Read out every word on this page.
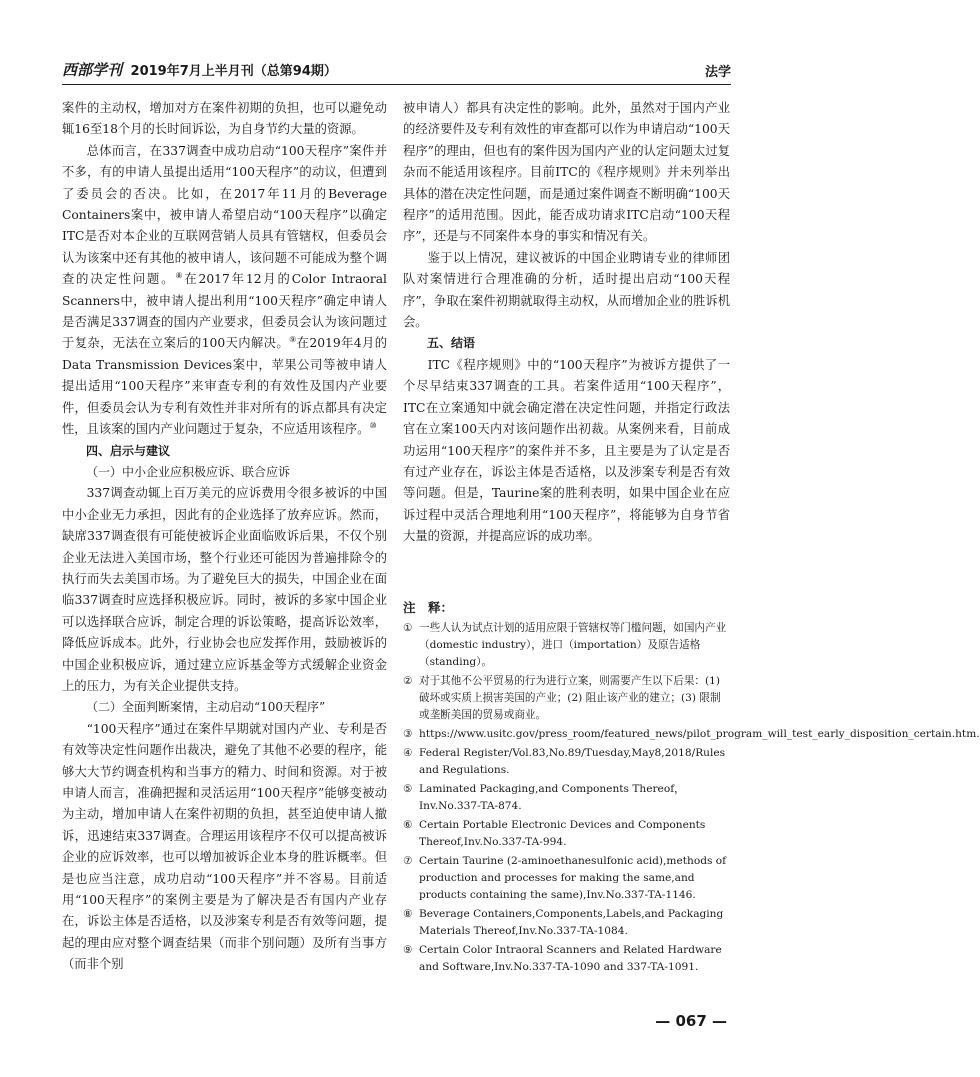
西部学刊 2019年7月上半月刊（总第94期）	法学

案件的主动权，增加对方在案件初期的负担，也可以避免动辄16至18个月的长时间诉讼，为自身节约大量的资源。

总体而言，在337调查中成功启动“100天程序”案件并不多，有的申请人虽提出适用“100天程序”的动议，但遭到了委员会的否决。比如，在2017年11月的Beverage Containers案中，被申请人希望启动“100天程序”以确定ITC是否对本企业的互联网营销人员具有管辖权，但委员会认为该案中还有其他的被申请人，该问题不可能成为整个调查的决定性问题。⑧在2017年12月的Color Intraoral Scanners中，被申请人提出利用“100天程序”确定申请人是否满足337调查的国内产业要求，但委员会认为该问题过于复杂，无法在立案后的100天内解决。⑨在2019年4月的Data Transmission Devices案中，苹果公司等被申请人提出适用“100天程序”来审查专利的有效性及国内产业要件，但委员会认为专利有效性并非对所有的诉点都具有决定性，且该案的国内产业问题过于复杂，不应适用该程序。⑩

四、启示与建议

（一）中小企业应积极应诉、联合应诉

337调查动辄上百万美元的应诉费用令很多被诉的中国中小企业无力承担，因此有的企业选择了放弃应诉。然而，缺席337调查很有可能使被诉企业面临败诉后果，不仅个别企业无法进入美国市场，整个行业还可能因为普遍排除令的执行而失去美国市场。为了避免巨大的损失，中国企业在面临337调查时应选择积极应诉。同时，被诉的多家中国企业可以选择联合应诉，制定合理的诉讼策略，提高诉讼效率，降低应诉成本。此外，行业协会也应发挥作用，鼓励被诉的中国企业积极应诉，通过建立应诉基金等方式缓解企业资金上的压力，为有关企业提供支持。

（二）全面判断案情，主动启动“100天程序”

“100天程序”通过在案件早期就对国内产业、专利是否有效等决定性问题作出裁决，避免了其他不必要的程序，能够大大节约调查机构和当事方的精力、时间和资源。对于被申请人而言，准确把握和灵活运用“100天程序”能够变被动为主动，增加申请人在案件初期的负担，甚至迫使申请人撤诉，迅速结束337调查。合理运用该程序不仅可以提高被诉企业的应诉效率，也可以增加被诉企业本身的胜诉概率。但是也应当注意，成功启动“100天程序”并不容易。目前适用“100天程序”的案例主要是为了解决是否有国内产业存在，诉讼主体是否适格，以及涉案专利是否有效等问题，提起的理由应对整个调查结果（而非个别问题）及所有当事方（而非个别

被申请人）都具有决定性的影响。此外，虽然对于国内产业的经济要件及专利有效性的审查都可以作为申请启动“100天程序”的理由，但也有的案件因为国内产业的认定问题太过复杂而不能适用该程序。目前ITC的《程序规则》并未列举出具体的潜在决定性问题，而是通过案件调查不断明确“100天程序”的适用范围。因此，能否成功请求ITC启动“100天程序”，还是与不同案件本身的事实和情况有关。

鉴于以上情况，建议被诉的中国企业聘请专业的律师团队对案情进行合理准确的分析，适时提出启动“100天程序”，争取在案件初期就取得主动权，从而增加企业的胜诉机会。

五、结语

ITC《程序规则》中的“100天程序”为被诉方提供了一个尽早结束337调查的工具。若案件适用“100天程序”，ITC在立案通知中就会确定潜在决定性问题，并指定行政法官在立案100天内对该问题作出初裁。从案例来看，目前成功运用“100天程序”的案件并不多，且主要是为了认定是否有过产业存在，诉讼主体是否适格，以及涉案专利是否有效等问题。但是，Taurine案的胜利表明，如果中国企业在应诉过程中灵活合理地利用“100天程序”，将能够为自身节省大量的资源，并提高应诉的成功率。

注　释：
① 一些人认为试点计划的适用应限于管辖权等门槛问题，如国内产业（domestic industry），进口（importation）及原告适格（standing）。
② 对于其他不公平贸易的行为进行立案，则需要产生以下后果：(1) 破坏或实质上损害美国的产业；(2) 阻止该产业的建立；(3) 限制或垄断美国的贸易或商业。
③ https://www.usitc.gov/press_room/featured_news/pilot_program_will_test_early_disposition_certain.htm.
④ Federal Register/Vol.83,No.89/Tuesday,May8,2018/Rules and Regulations.
⑤ Laminated Packaging,and Components Thereof，Inv.No.337-TA-874.
⑥ Certain Portable Electronic Devices and Components Thereof,Inv.No.337-TA-994.
⑦ Certain Taurine (2-aminoethanesulfonic acid),methods of production and processes for making the same,and products containing the same),Inv.No.337-TA-1146.
⑧ Beverage Containers,Components,Labels,and Packaging Materials Thereof,Inv.No.337-TA-1084.
⑨ Certain Color Intraoral Scanners and Related Hardware and Software,Inv.No.337-TA-1090 and 337-TA-1091.
— 067 —
